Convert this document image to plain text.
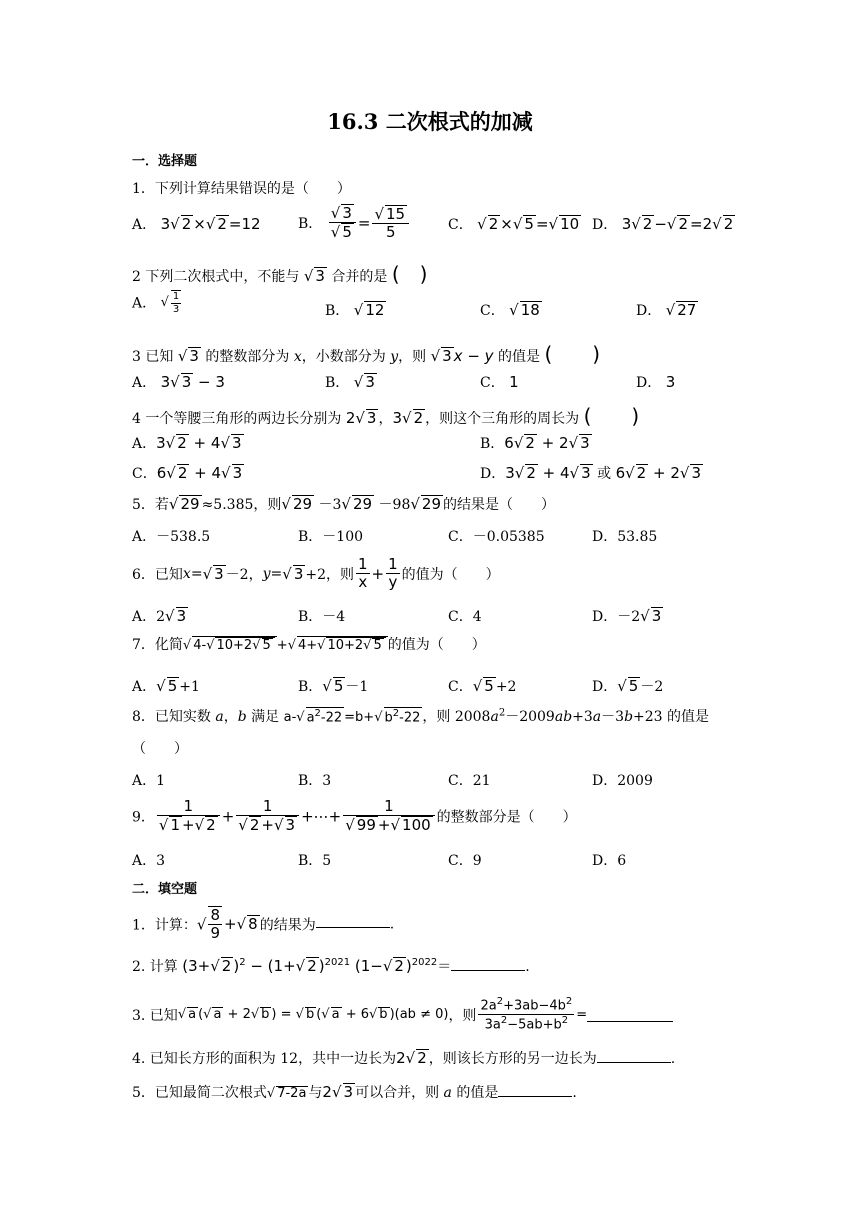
16.3 二次根式的加减
一．选择题
1．下列计算结果错误的是（　　）
A． 3√ 2 ×√ 2 =12	B．
√ 3
√ 5 =
√ $\frac{15}{5}$	C． √ 2 ×√ 5 =√ 10 D． 3√ 2 −√ 2 =2√ 2
2 下列二次根式中，不能与 √ 3 合并的是 (　)
A． √ $\frac{1}{3}$	B． √ 12	C． √ 18	D． √ 27
3 已知 √ 3 的整数部分为 x，小数部分为 y，则 √ 3 x − y 的值是 (　　)
A． 3√ 3 − 3	B． √ 3	C． 1	D． 3
4 一个等腰三角形的两边长分别为 2√ 3 ，3√ 2 ，则这个三角形的周长为 (　　)
A．3√ 2 + 4√ 3	B．6√ 2 + 2√ 3
C．6√ 2 + 4√ 3	D．3√ 2 + 4√ 3 或 6√ 2 + 2√ 3
5．若√ 29 ≈5.385，则√ 29 －3√ 29 －98√ 29 的结果是（　　）
A．－538.5	B．－100	C．－0.05385	D．53.85
6．已知x=√ 3 －2，y=√ 3 +2，则 $\frac{1}{x} + \frac{1}{y}$ 的值为（　　）
A．2√ 3	B．－4	C．4	D．－2√ 3
7．化简√ 4-√ 10+2√ 5 +√ 4+√ 10+2√ 5 的值为（　　）
A．√ 5 +1	B．√ 5 －1	C．√ 5 +2	D．√ 5 －2
8．已知实数 a，b 满足 a-√ $a^2-22 =b+√$ $b^2-22$ ，则 $2008a^2-2009ab+3a-3b+23$ 的值是
（　　）
A．1	B．3	C．21	D．2009
9． 1
√ 1 +√ 2 + 1
√ 2 +√ 3 +⋯+ 1
√ 99 +√ 100 的整数部分是（　　）
A．3	B．5	C．9	D．6
二．填空题
1．计算：√ $\frac{8}{9}$ +√ 8 的结果为	.
2. 计算 (3+√ 2 )$^2$ − (1+√ 2 )$^{2021}$ (1−√ 2 )$^{2022}$＝	.
3. 已知√ a (√ a + 2√ b ) = √ b (√ a + 6√ b )(ab ≠ 0)，则 $\frac{2a^2+3ab-4b^2}{3a^2-5ab+b^2}$ =
4. 已知长方形的面积为 12，共中一边长为2√ 2 ，则该长方形的另一边长为	.
5．已知最简二次根式√ 7-2a 与2√ 3 可以合并，则 a 的值是	.
